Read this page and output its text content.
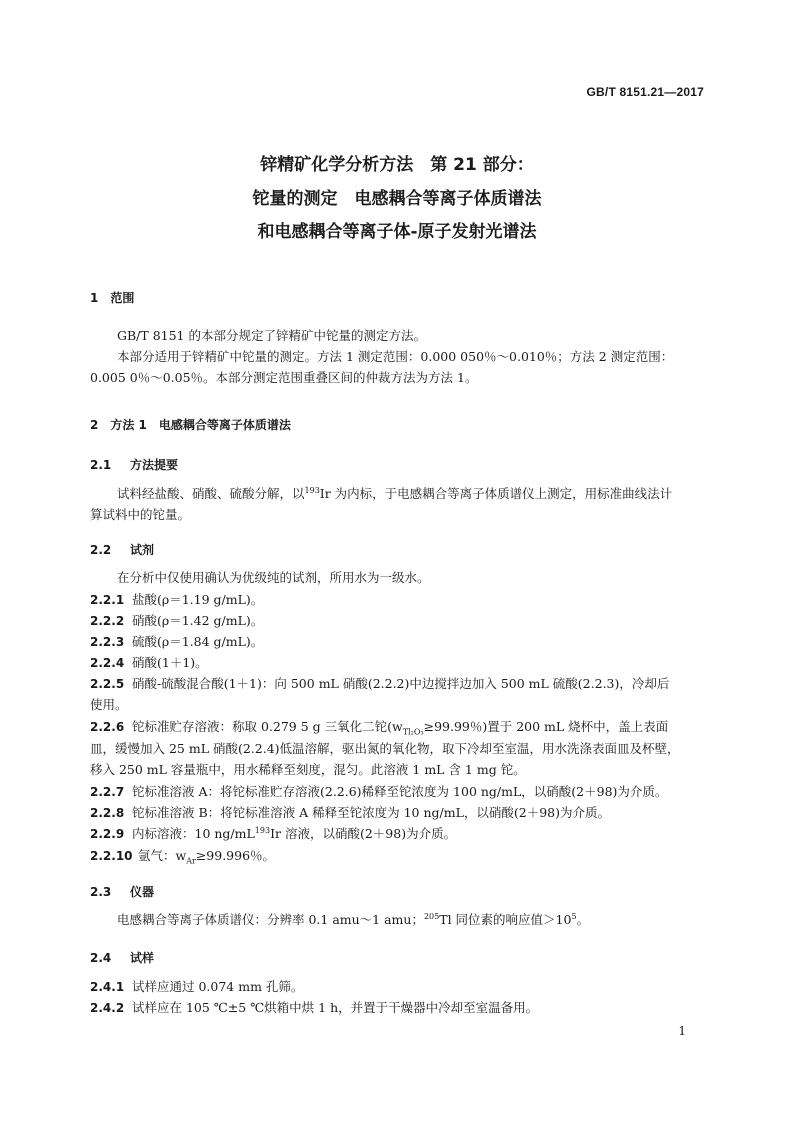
GB/T 8151.21—2017
锌精矿化学分析方法　第 21 部分：
铊量的测定　电感耦合等离子体质谱法
和电感耦合等离子体-原子发射光谱法
1　范围
GB/T 8151 的本部分规定了锌精矿中铊量的测定方法。
本部分适用于锌精矿中铊量的测定。方法 1 测定范围：0.000 050％～0.010％；方法 2 测定范围：
0.005 0％～0.05％。本部分测定范围重叠区间的仲裁方法为方法 1。
2　方法 1　电感耦合等离子体质谱法
2.1 方法提要
试料经盐酸、硝酸、硫酸分解，以$^{193}$Ir 为内标，于电感耦合等离子体质谱仪上测定，用标准曲线法计
算试料中的铊量。
2.2 试剂
在分析中仅使用确认为优级纯的试剂，所用水为一级水。
2.2.1 盐酸(ρ＝1.19 g/mL)。
2.2.2 硝酸(ρ＝1.42 g/mL)。
2.2.3 硫酸(ρ＝1.84 g/mL)。
2.2.4 硝酸(1＋1)。
2.2.5 硝酸-硫酸混合酸(1＋1)：向 500 mL 硝酸(2.2.2)中边搅拌边加入 500 mL 硫酸(2.2.3)，冷却后
使用。
2.2.6 铊标准贮存溶液：称取 0.279 5 g 三氧化二铊($w_{Tl_2O_3}\ge 99.99$％)置于 200 mL 烧杯中，盖上表面
皿，缓慢加入 25 mL 硝酸(2.2.4)低温溶解，驱出氮的氧化物，取下冷却至室温，用水洗涤表面皿及杯壁，
移入 250 mL 容量瓶中，用水稀释至刻度，混匀。此溶液 1 mL 含 1 mg 铊。
2.2.7 铊标准溶液 A：将铊标准贮存溶液(2.2.6)稀释至铊浓度为 100 ng/mL，以硝酸(2＋98)为介质。
2.2.8 铊标准溶液 B：将铊标准溶液 A 稀释至铊浓度为 10 ng/mL，以硝酸(2＋98)为介质。
2.2.9 内标溶液：10 $ng/mL^{193}Ir$ 溶液，以硝酸(2＋98)为介质。
2.2.10 氩气：$w_{Ar}\ge 99.996$％。
2.3 仪器
电感耦合等离子体质谱仪：分辨率 0.1 amu～1 amu；$^{205}$Tl 同位素的响应值$>10^5$。
2.4 试样
2.4.1 试样应通过 0.074 mm 孔筛。
2.4.2 试样应在 105 ℃±5 ℃烘箱中烘 1 h，并置于干燥器中冷却至室温备用。
1
